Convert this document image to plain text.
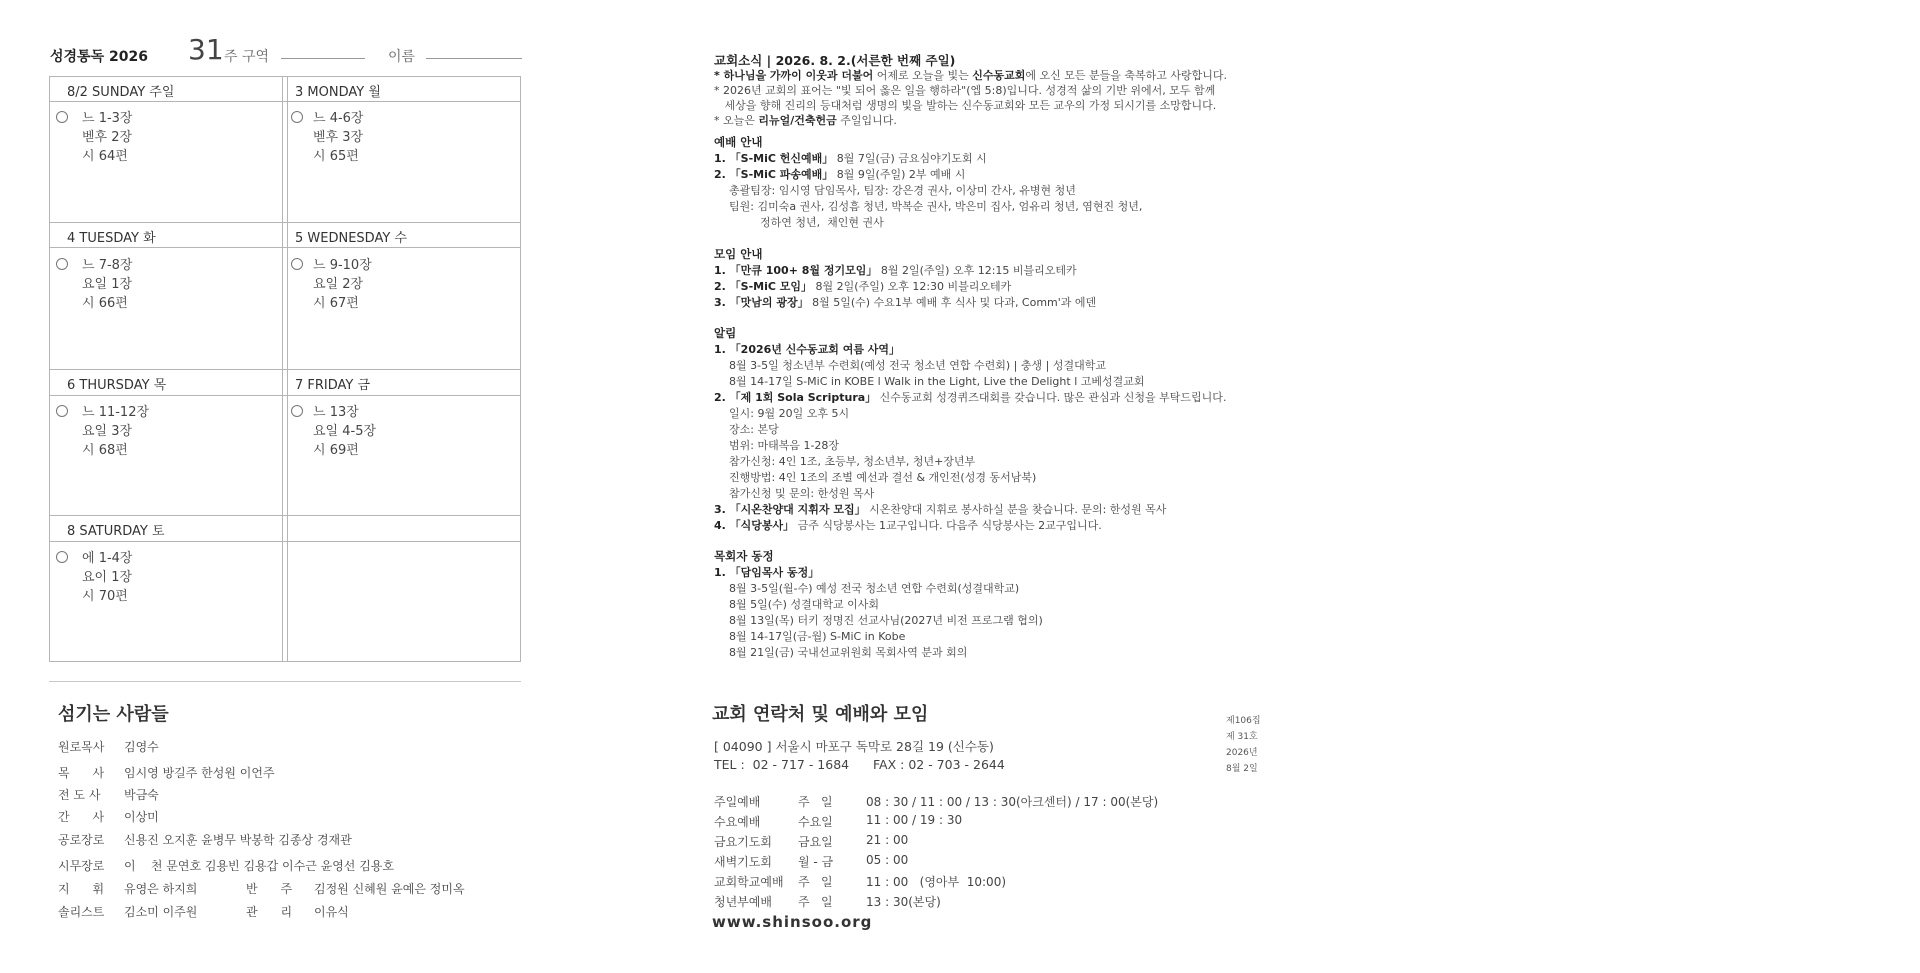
성경통독 2026 31 주 구역	이름
8/2 SUNDAY 주일
느 1-3장
벧후 2장
시 64편
3 MONDAY 월
느 4-6장
벧후 3장
시 65편
4 TUESDAY 화
느 7-8장
요일 1장
시 66편
5 WEDNESDAY 수
느 9-10장
요일 2장
시 67편
6 THURSDAY 목
느 11-12장
요일 3장
시 68편
7 FRIDAY 금
느 13장
요일 4-5장
시 69편
8 SATURDAY 토
에 1-4장
요이 1장
시 70편
섬기는 사람들
원로목사 김영수
목      사 임시영 방길주 한성원 이언주
전 도 사 박금숙
간      사 이상미
공로장로 신용진 오지훈 윤병무 박봉학 김종상 경재관
시무장로 이    천 문연호 김용빈 김용갑 이수근 윤영선 김용호
지      휘 유영은 하지희
솔리스트 김소미 이주원
반      주 김정원 신혜원 윤예은 정미옥
관      리 이유식
교회소식 | 2026. 8. 2.(서른한 번째 주일)
* 하나님을 가까이 이웃과 더불어 어제로 오늘을 빛는 신수동교회에 오신 모든 분들을 축복하고 사랑합니다.
* 2026년 교회의 표어는 "빛 되어 옳은 일을 행하라"(엡 5:8)입니다. 성경적 삶의 기반 위에서, 모두 함께
세상을 향해 진리의 등대처럼 생명의 빛을 발하는 신수동교회와 모든 교우의 가정 되시기를 소망합니다.
* 오늘은 리뉴얼/건축헌금 주일입니다.
예배 안내
1. 「S-MiC 헌신예배」 8월 7일(금) 금요심야기도회 시
2. 「S-MiC 파송예배」 8월 9일(주일) 2부 예배 시
총괄팀장: 임시영 담임목사, 팀장: 강은경 권사, 이상미 간사, 유병현 청년
팀원: 김미숙a 권사, 김성흠 청년, 박복순 권사, 박은미 집사, 엄유리 청년, 염현진 청년,
정하연 청년,  채인현 권사
모임 안내
1. 「만큐 100+ 8월 정기모임」 8월 2일(주일) 오후 12:15 비블리오테카
2. 「S-MiC 모임」 8월 2일(주일) 오후 12:30 비블리오테카
3. 「맛남의 광장」 8월 5일(수) 수요1부 예배 후 식사 및 다과, Comm'과 에덴
알림
1. 「2026년 신수동교회 여름 사역」
8월 3-5일 청소년부 수련회(예성 전국 청소년 연합 수련회) | 충생 | 성결대학교
8월 14-17일 S-MiC in KOBE l Walk in the Light, Live the Delight l 고베성결교회
2. 「제 1회 Sola Scriptura」 신수동교회 성경퀴즈대회를 갖습니다. 많은 관심과 신청을 부탁드립니다.
일시: 9월 20일 오후 5시
장소: 본당
범위: 마태복음 1-28장
참가신청: 4인 1조, 초등부, 청소년부, 청년+장년부
진행방법: 4인 1조의 조별 예선과 결선 & 개인전(성경 동서남북)
참가신청 및 문의: 한성원 목사
3. 「시온찬양대 지휘자 모집」 시온찬양대 지휘로 봉사하실 분을 찾습니다. 문의: 한성원 목사
4. 「식당봉사」 금주 식당봉사는 1교구입니다. 다음주 식당봉사는 2교구입니다.
목회자 동정
1. 「담임목사 동정」
8월 3-5일(월-수) 예성 전국 청소년 연합 수련회(성결대학교)
8월 5일(수) 성결대학교 이사회
8월 13일(목) 터키 정명진 선교사님(2027년 비전 프로그램 협의)
8월 14-17일(금-월) S-MiC in Kobe
8월 21일(금) 국내선교위원회 목회사역 분과 회의
교회 연락처 및 예배와 모임	제106집
제 31호
2026년
8월 2일
[ 04090 ] 서울시 마포구 독막로 28길 19 (신수동)
TEL :  02 - 717 - 1684 FAX : 02 - 703 - 2644
주일예배	주   일	08 : 30 / 11 : 00 / 13 : 30(아크센터) / 17 : 00(본당)
수요예배	수요일	11 : 00 / 19 : 30
금요기도회 금요일	21 : 00
새벽기도회 월 - 금	05 : 00
교회학교예배 주   일	11 : 00   (영아부  10:00)
청년부예배 주   일	13 : 30(본당)
www.shinsoo.org
